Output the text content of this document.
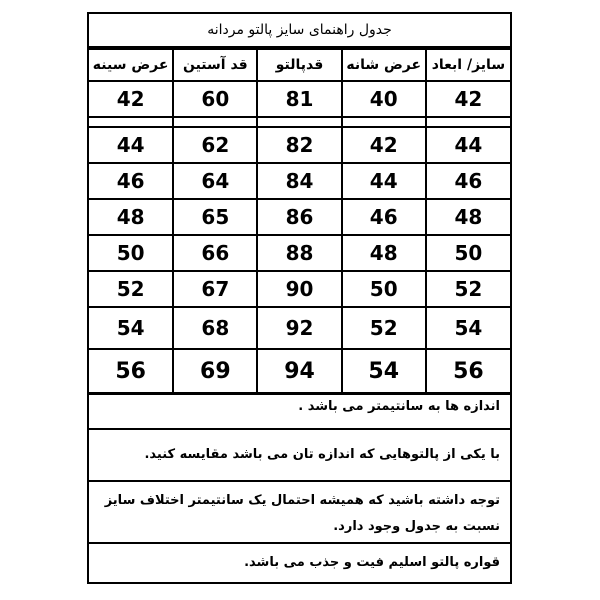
جدول راهنمای سایز پالتو مردانه
سایز/ ابعاد	عرض شانه	قدپالتو	قد آستین	عرض سینه
42	40	81	60	42

44	42	82	62	44
46	44	84	64	46
48	46	86	65	48
50	48	88	66	50
52	50	90	67	52
54	52	92	68	54
56	54	94	69	56
اندازه ها به سانتیمتر می باشد .
با یکی از پالتوهایی که اندازه تان می باشد مقایسه کنید.
توجه داشته باشید که همیشه احتمال یک سانتیمتر اختلاف سایز نسبت به جدول وجود دارد.
قواره پالتو اسلیم فیت و جذب می باشد.
